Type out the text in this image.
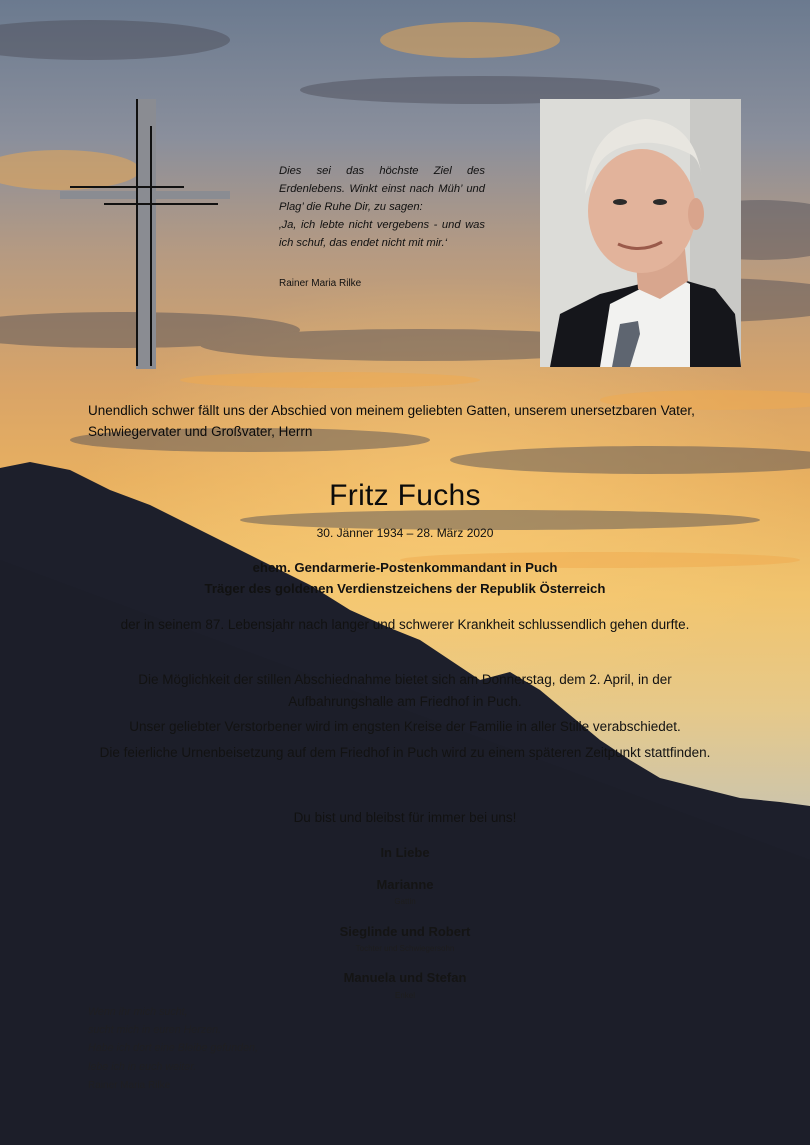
Dies sei das höchste Ziel des Erdenlebens. Winkt einst nach Müh’ und Plag’ die Ruhe Dir, zu sagen:
‚Ja, ich lebte nicht vergebens - und was ich schuf, das endet nicht mit mir.‘
Rainer Maria Rilke
Unendlich schwer fällt uns der Abschied von meinem geliebten Gatten, unserem unersetzbaren Vater, Schwiegervater und Großvater, Herrn
Fritz Fuchs
30. Jänner 1934 – 28. März 2020
ehem. Gendarmerie-Postenkommandant in Puch
Träger des goldenen Verdienstzeichens der Republik Österreich
der in seinem 87. Lebensjahr nach langer und schwerer Krankheit schlussendlich gehen durfte.
Die Möglichkeit der stillen Abschiednahme bietet sich am Donnerstag, dem 2. April, in der Aufbahrungshalle am Friedhof in Puch.
Unser geliebter Verstorbener wird im engsten Kreise der Familie in aller Stille verabschiedet.
Die feierliche Urnenbeisetzung auf dem Friedhof in Puch wird zu einem späteren Zeitpunkt stattfinden.
Du bist und bleibst für immer bei uns!
In Liebe
Marianne
Gattin
Sieglinde und Robert
Tochter und Schwiegersohn
Manuela und Stefan
Enkel
Wenn ihr mich sucht,
sucht mich in euren Herzen.
Habe ich dort eine Bleibe gefunden,
lebe ich in euch weiter.
Rainer Maria Rilke
